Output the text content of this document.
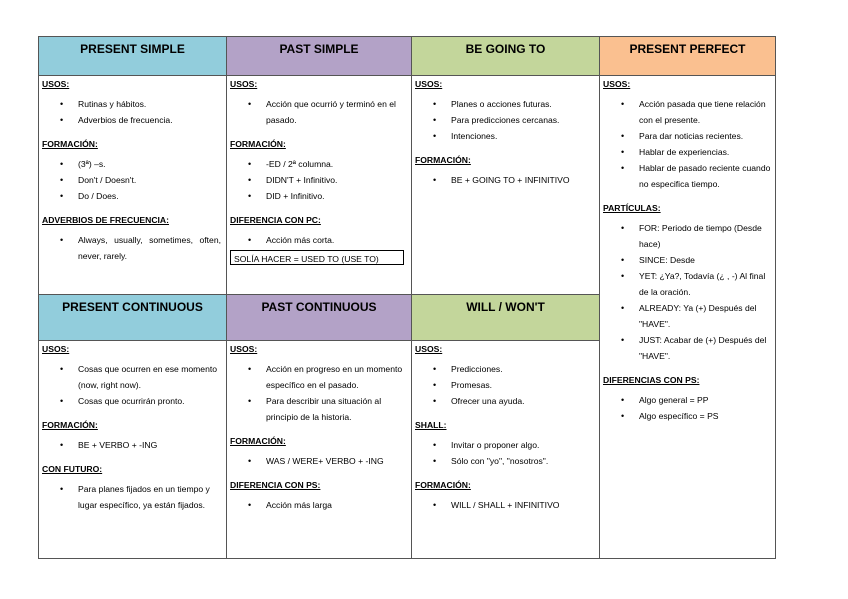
PRESENT SIMPLE	PAST SIMPLE	BE GOING TO	PRESENT PERFECT
USOS:
• Rutinas y hábitos.
• Adverbios de frecuencia.
FORMACIÓN:
• (3ª) –s.
• Don't / Doesn't.
• Do / Does.
ADVERBIOS DE FRECUENCIA:
• Always, usually, sometimes, often, never, rarely.
USOS:
• Acción que ocurrió y terminó en el pasado.
FORMACIÓN:
• -ED / 2ª columna.
• DIDN'T + Infinitivo.
• DID + Infinitivo.
DIFERENCIA CON PC:
• Acción más corta.
SOLÍA HACER = USED TO (USE TO)
USOS:
• Planes o acciones futuras.
• Para predicciones cercanas.
• Intenciones.
FORMACIÓN:
• BE + GOING TO + INFINITIVO
USOS:
• Acción pasada que tiene relación con el presente.
• Para dar noticias recientes.
• Hablar de experiencias.
• Hablar de pasado reciente cuando no especifica tiempo.
PARTÍCULAS:
• FOR: Periodo de tiempo (Desde hace)
• SINCE: Desde
• YET: ¿Ya?, Todavía (¿ , -) Al final de la oración.
• ALREADY: Ya (+) Después del "HAVE".
• JUST: Acabar de (+) Después del "HAVE".
DIFERENCIAS CON PS:
• Algo general = PP
• Algo específico = PS
PRESENT CONTINUOUS	PAST CONTINUOUS	WILL / WON'T
USOS:
• Cosas que ocurren en ese momento (now, right now).
• Cosas que ocurrirán pronto.
FORMACIÓN:
• BE + VERBO + -ING
CON FUTURO:
• Para planes fijados en un tiempo y lugar específico, ya están fijados.
USOS:
• Acción en progreso en un momento específico en el pasado.
• Para describir una situación al principio de la historia.
FORMACIÓN:
• WAS / WERE+ VERBO + -ING
DIFERENCIA CON PS:
• Acción más larga
USOS:
• Predicciones.
• Promesas.
• Ofrecer una ayuda.
SHALL:
• Invitar o proponer algo.
• Sólo con "yo", "nosotros".
FORMACIÓN:
• WILL / SHALL + INFINITIVO
